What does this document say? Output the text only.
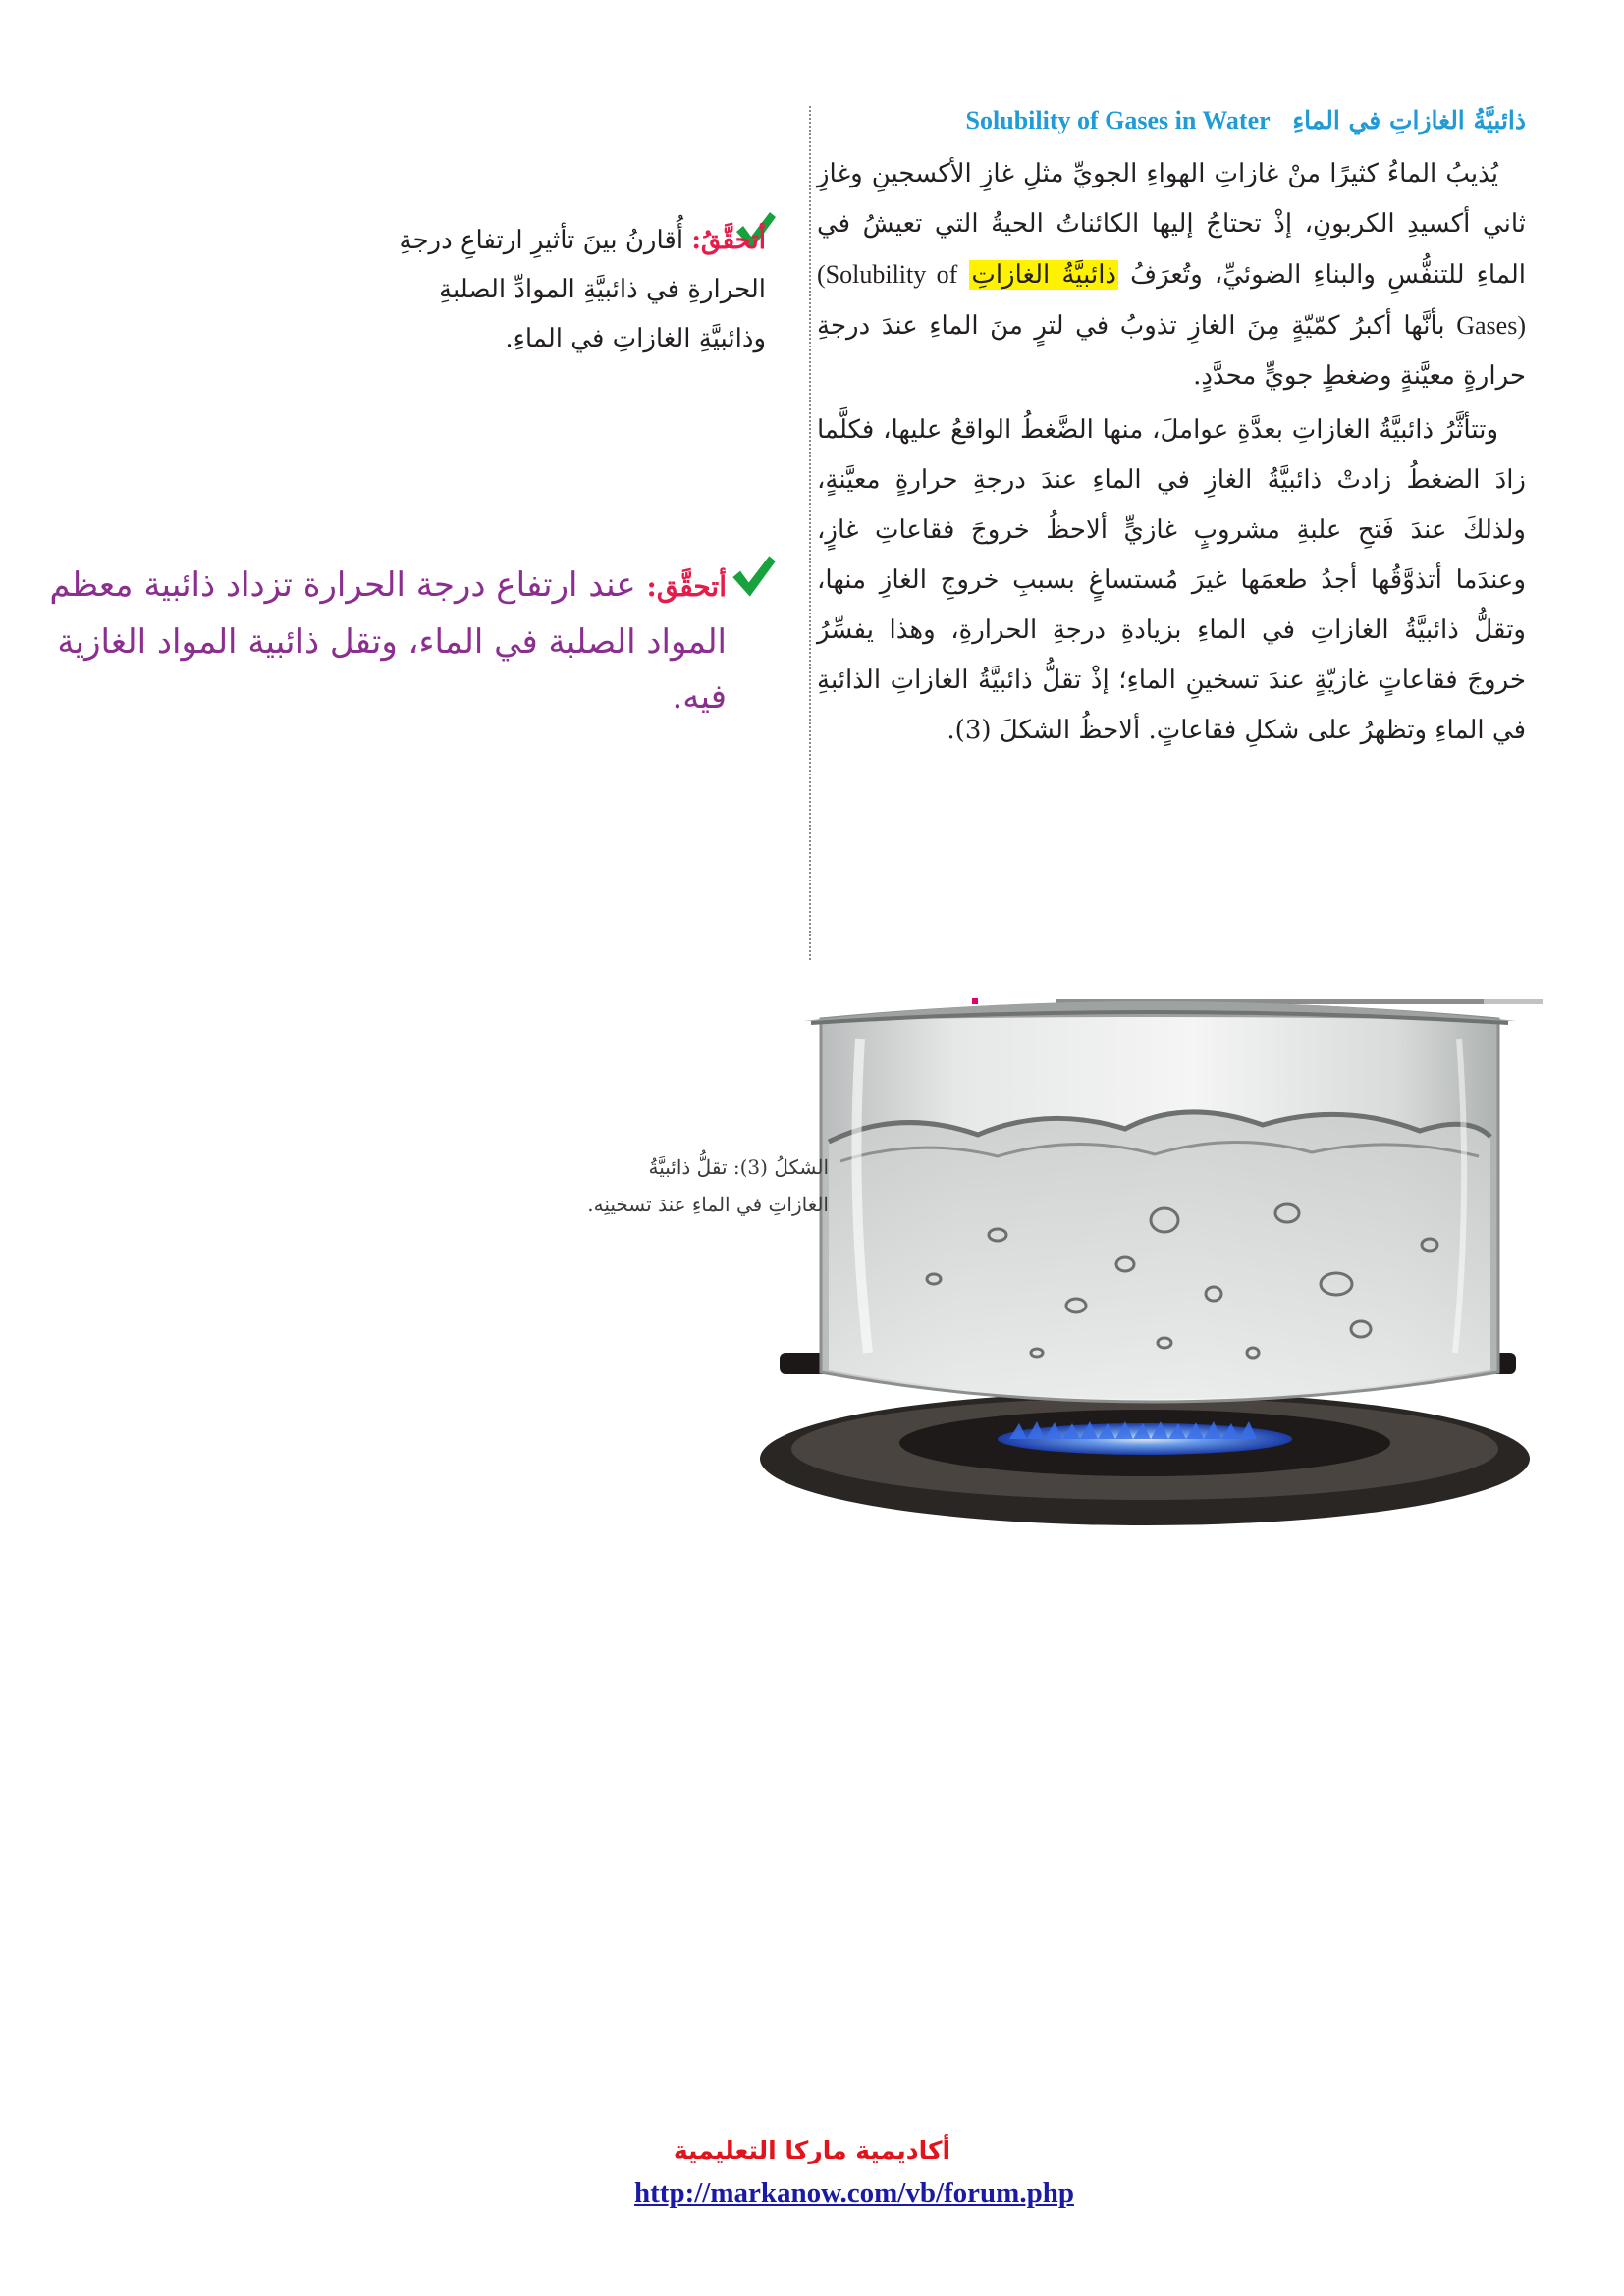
ذائبيَّةُ الغازاتِ في الماءِ Solubility of Gases in Water

يُذيبُ الماءُ كثيرًا منْ غازاتِ الهواءِ الجويِّ مثلِ غازِ الأكسجينِ وغازِ ثاني أكسيدِ الكربونِ، إذْ تحتاجُ إليها الكائناتُ الحيةُ التي تعيشُ في الماءِ للتنفُّسِ والبناءِ الضوئيِّ، وتُعرَفُ ذائبيَّةُ الغازاتِ (Solubility of Gases) بأنَّها أكبرُ كمّيّةٍ مِنَ الغازِ تذوبُ في لترٍ منَ الماءِ عندَ درجةِ حرارةٍ معيَّنةٍ وضغطٍ جويٍّ محدَّدٍ.

وتتأثَّرُ ذائبيَّةُ الغازاتِ بعدَّةِ عواملَ، منها الضَّغطُ الواقعُ عليها، فكلَّما زادَ الضغطُ زادتْ ذائبيَّةُ الغازِ في الماءِ عندَ درجةِ حرارةٍ معيَّنةٍ، ولذلكَ عندَ فَتحِ علبةِ مشروبٍ غازيٍّ ألاحظُ خروجَ فقاعاتِ غازٍ، وعندَما أتذوَّقُها أجدُ طعمَها غيرَ مُستساغٍ بسببِ خروجِ الغازِ منها، وتقلُّ ذائبيَّةُ الغازاتِ في الماءِ بزيادةِ درجةِ الحرارةِ، وهذا يفسِّرُ خروجَ فقاعاتٍ غازيّةٍ عندَ تسخينِ الماءِ؛ إذْ تقلُّ ذائبيَّةُ الغازاتِ الذائبةِ في الماءِ وتظهرُ على شكلِ فقاعاتٍ. ألاحظُ الشكلَ (3).

أتحقَّقُ: أُقارنُ بينَ تأثيرِ ارتفاعِ درجةِ الحرارةِ في ذائبيَّةِ الموادِّ الصلبةِ وذائبيَّةِ الغازاتِ في الماءِ.
أتحقَّق: عند ارتفاع درجة الحرارة تزداد ذائبية معظم المواد الصلبة في الماء، وتقل ذائبية المواد الغازية فيه.
الشكلُ (3): تقلُّ ذائبيَّةُ الغازاتِ في الماءِ عندَ تسخينِه.
أكاديمية ماركا التعليمية
http://markanow.com/vb/forum.php
